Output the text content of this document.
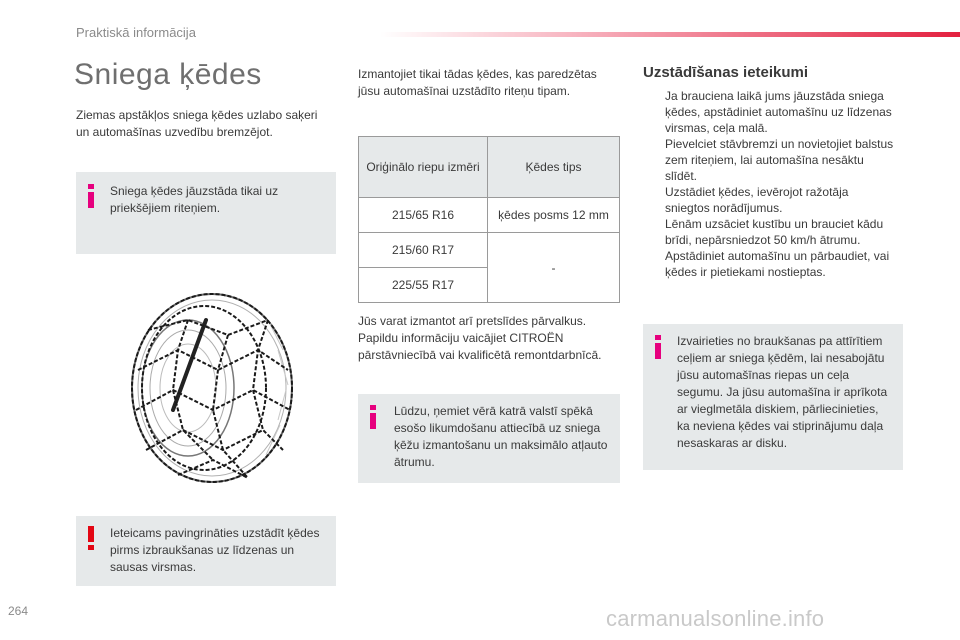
Praktiskā informācija
Sniega ķēdes
Ziemas apstākļos sniega ķēdes uzlabo saķeri
un automašīnas uzvedību bremzējot.
Sniega ķēdes jāuzstāda tikai uz
priekšējiem riteņiem.
Ieteicams pavingrināties uzstādīt ķēdes
pirms izbraukšanas uz līdzenas un
sausas virsmas.
Izmantojiet tikai tādas ķēdes, kas paredzētas
jūsu automašīnai uzstādīto riteņu tipam.
Oriģinālo riepu izmēri	Ķēdes tips
215/65 R16	ķēdes posms 12 mm
215/60 R17	-
225/55 R17	
Jūs varat izmantot arī pretslīdes pārvalkus.
Papildu informāciju vaicājiet CITROËN
pārstāvniecībā vai kvalificētā remontdarbnīcā.
Lūdzu, ņemiet vērā katrā valstī spēkā
esošo likumdošanu attiecībā uz sniega
ķēžu izmantošanu un maksimālo atļauto
ātrumu.
Uzstādīšanas ieteikumi
Ja brauciena laikā jums jāuzstāda sniega
ķēdes, apstādiniet automašīnu uz līdzenas
virsmas, ceļa malā.
Pievelciet stāvbremzi un novietojiet balstus
zem riteņiem, lai automašīna nesāktu
slīdēt.
Uzstādiet ķēdes, ievērojot ražotāja
sniegtos norādījumus.
Lēnām uzsāciet kustību un brauciet kādu
brīdi, nepārsniedzot 50 km/h ātrumu.
Apstādiniet automašīnu un pārbaudiet, vai
ķēdes ir pietiekami nostieptas.
Izvairieties no braukšanas pa attīrītiem
ceļiem ar sniega ķēdēm, lai nesabojātu
jūsu automašīnas riepas un ceļa
segumu. Ja jūsu automašīna ir aprīkota
ar vieglmetāla diskiem, pārliecinieties,
ka neviena ķēdes vai stiprinājumu daļa
nesaskaras ar disku.
264	carmanualsonline.info
